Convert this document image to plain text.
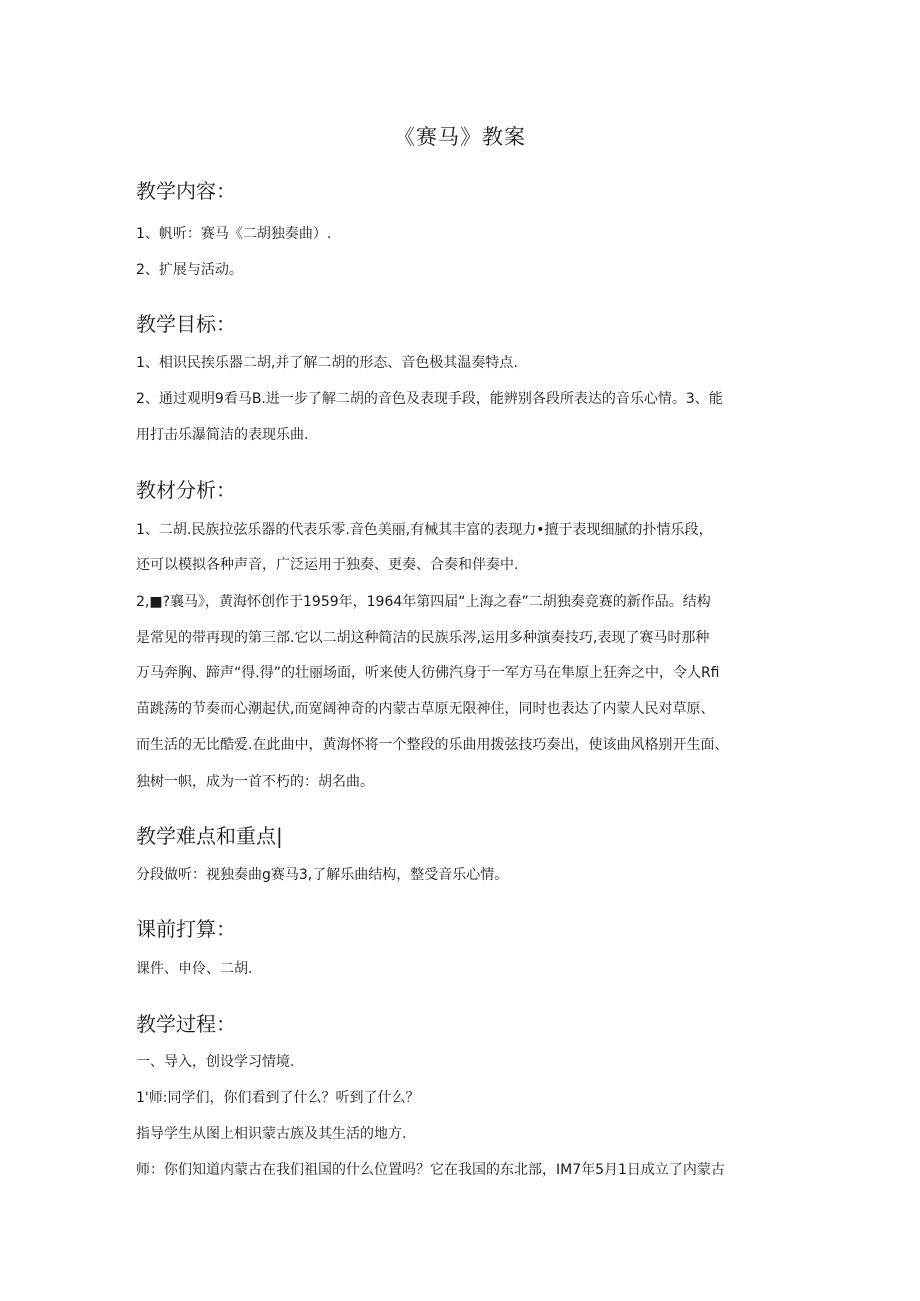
《赛马》教案
教学内容：
1、帆听：赛马《二胡独奏曲）.
2、扩展与活动。
教学目标：
1、相识民挨乐器二胡,并了解二胡的形态、音色极其温奏特点.
2、通过观明9看马B.进一步了解二胡的音色及表现手段，能辨别各段所表达的音乐心情。3、能
用打击乐瀑简洁的表现乐曲.
教材分析：
1、二胡.民族拉弦乐器的代表乐零.音色美丽,有械其丰富的表现力•擅于表现细腻的扑情乐段，
还可以模拟各种声音，广泛运用于独奏、更奏、合奏和伴奏中.
2,■?襄马》，黄海怀创作于1959年，1964年第四届“上海之春”二胡独奏竞赛的新作品。结构
是常见的带再现的第三部.它以二胡这种简洁的民族乐涔,运用多种演奏技巧,表现了赛马时那种
万马奔胸、蹄声“得.得”的壮丽场面，听来使人彷佛汽身于一军方马在隼原上狂奔之中，令人Rfi
苗跳荡的节奏而心潮起伏,而宽阔神奇的内蒙古草原无限神住，同时也表达了内蒙人民对草原、
而生活的无比酷爱.在此曲中，黄海怀将一个整段的乐曲用拨弦技巧奏出，使该曲风格别开生面、
独树一帜，成为一首不朽的：胡名曲。
教学难点和重点|
分段做听：视独奏曲g赛马3,了解乐曲结构，整受音乐心情。
课前打算：
课件、申伶、二胡.
教学过程：
一、导入，创设学习情境.
1'师:同学们，你们看到了什么？听到了什么？
指导学生从图上相识蒙古族及其生活的地方.
师：你们知道内蒙古在我们祖国的什么位置吗？它在我国的东北部，IM7年5月1日成立了内蒙古
